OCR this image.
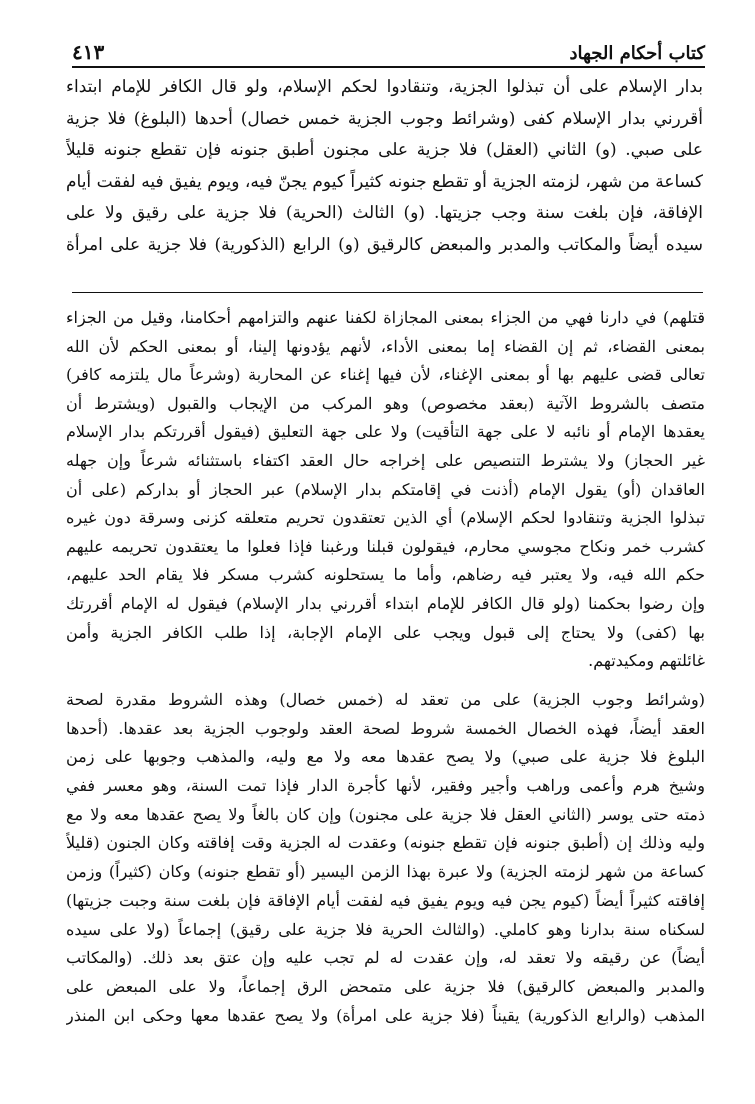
كتاب أحكام الجهاد
٤١٣
بدار الإسلام على أن تبذلوا الجزية، وتنقادوا لحكم الإسلام، ولو قال الكافر للإمام ابتداء
أقررني بدار الإسلام كفى (وشرائط وجوب الجزية خمس خصال) أحدها (البلوغ) فلا جزية
على صبي. (و) الثاني (العقل) فلا جزية على مجنون أطبق جنونه فإن تقطع جنونه قليلاً
كساعة من شهر، لزمته الجزية أو تقطع جنونه كثيراً كيوم يجنّ فيه، ويوم يفيق فيه لفقت أيام
الإفاقة، فإن بلغت سنة وجب جزيتها. (و) الثالث (الحرية) فلا جزية على رقيق ولا على
سيده أيضاً والمكاتب والمدبر والمبعض كالرقيق (و) الرابع (الذكورية) فلا جزية على امرأة
قتلهم) في دارنا فهي من الجزاء بمعنى المجازاة لكفنا عنهم والتزامهم أحكامنا، وقيل من الجزاء
بمعنى القضاء، ثم إن القضاء إما بمعنى الأداء، لأنهم يؤدونها إلينا، أو بمعنى الحكم لأن الله
تعالى قضى عليهم بها أو بمعنى الإغناء، لأن فيها إغناء عن المحاربة (وشرعاً مال يلتزمه كافر)
متصف بالشروط الآتية (بعقد مخصوص) وهو المركب من الإيجاب والقبول (ويشترط أن
يعقدها الإمام أو نائبه لا على جهة التأقيت) ولا على جهة التعليق (فيقول أقررتكم بدار الإسلام
غير الحجاز) ولا يشترط التنصيص على إخراجه حال العقد اكتفاء باستثنائه شرعاً وإن جهله
العاقدان (أو) يقول الإمام (أذنت في إقامتكم بدار الإسلام) عبر الحجاز أو بداركم (على أن
تبذلوا الجزية وتنقادوا لحكم الإسلام) أي الذين تعتقدون تحريم متعلقه كزنى وسرقة دون غيره
كشرب خمر ونكاح مجوسي محارم، فيقولون قبلنا ورغبنا فإذا فعلوا ما يعتقدون تحريمه عليهم
حكم الله فيه، ولا يعتبر فيه رضاهم، وأما ما يستحلونه كشرب مسكر فلا يقام الحد عليهم،
وإن رضوا بحكمنا (ولو قال الكافر للإمام ابتداء أقررني بدار الإسلام) فيقول له الإمام أقررتك
بها (كفى) ولا يحتاج إلى قبول ويجب على الإمام الإجابة، إذا طلب الكافر الجزية وأمن
غائلتهم ومكيدتهم.
(وشرائط وجوب الجزية) على من تعقد له (خمس خصال) وهذه الشروط مقدرة لصحة
العقد أيضاً، فهذه الخصال الخمسة شروط لصحة العقد ولوجوب الجزية بعد عقدها. (أحدها
البلوغ فلا جزية على صبي) ولا يصح عقدها معه ولا مع وليه، والمذهب وجوبها على زمن
وشيخ هرم وأعمى وراهب وأجير وفقير، لأنها كأجرة الدار فإذا تمت السنة، وهو معسر ففي
ذمته حتى يوسر (الثاني العقل فلا جزية على مجنون) وإن كان بالغاً ولا يصح عقدها معه ولا مع
وليه وذلك إن (أطبق جنونه فإن تقطع جنونه) وعقدت له الجزية وقت إفاقته وكان الجنون (قليلاً
كساعة من شهر لزمته الجزية) ولا عبرة بهذا الزمن اليسير (أو تقطع جنونه) وكان (كثيراً) وزمن
إفاقته كثيراً أيضاً (كيوم يجن فيه ويوم يفيق فيه لفقت أيام الإفاقة فإن بلغت سنة وجبت جزيتها)
لسكناه سنة بدارنا وهو كاملي. (والثالث الحرية فلا جزية على رقيق) إجماعاً (ولا على سيده
أيضاً) عن رقيقه ولا تعقد له، وإن عقدت له لم تجب عليه وإن عتق بعد ذلك. (والمكاتب
والمدبر والمبعض كالرقيق) فلا جزية على متمحض الرق إجماعاً، ولا على المبعض على
المذهب (والرابع الذكورية) يقيناً (فلا جزية على امرأة) ولا يصح عقدها معها وحكى ابن المنذر
